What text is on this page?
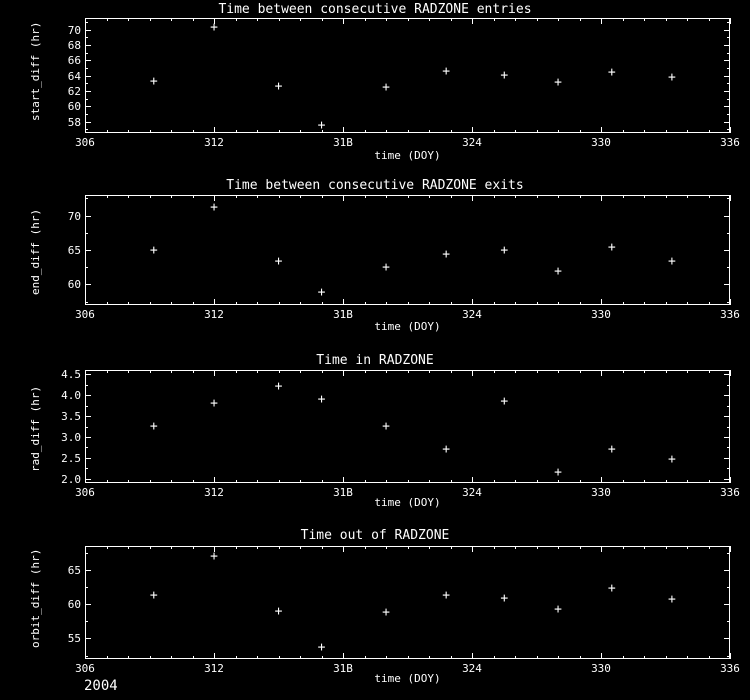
Time between consecutive RADZONE entries
306	312	31B	324	330	336
58
60
62
64
66
68
70
+
+
+
+
+
+	+	+
+	+
start_diff (hr)
time (DOY)
Time between consecutive RADZONE exits
306	312	31B	324	330	336
60
65
70
+
+
+
+
+
+	+
+
+
+
end_diff (hr)
time (DOY)
Time in RADZONE
306	312	31B	324	330	336
2.0
2.5
3.0
3.5
4.0
4.5
+
+
+
+
+
+
+
+
+
+
rad_diff (hr)
time (DOY)
Time out of RADZONE
306	312	31B	324	330	336
55
60
65
+
+
+
+
+
+	+
+
+
+
orbit_diff (hr)
time (DOY)
2004
